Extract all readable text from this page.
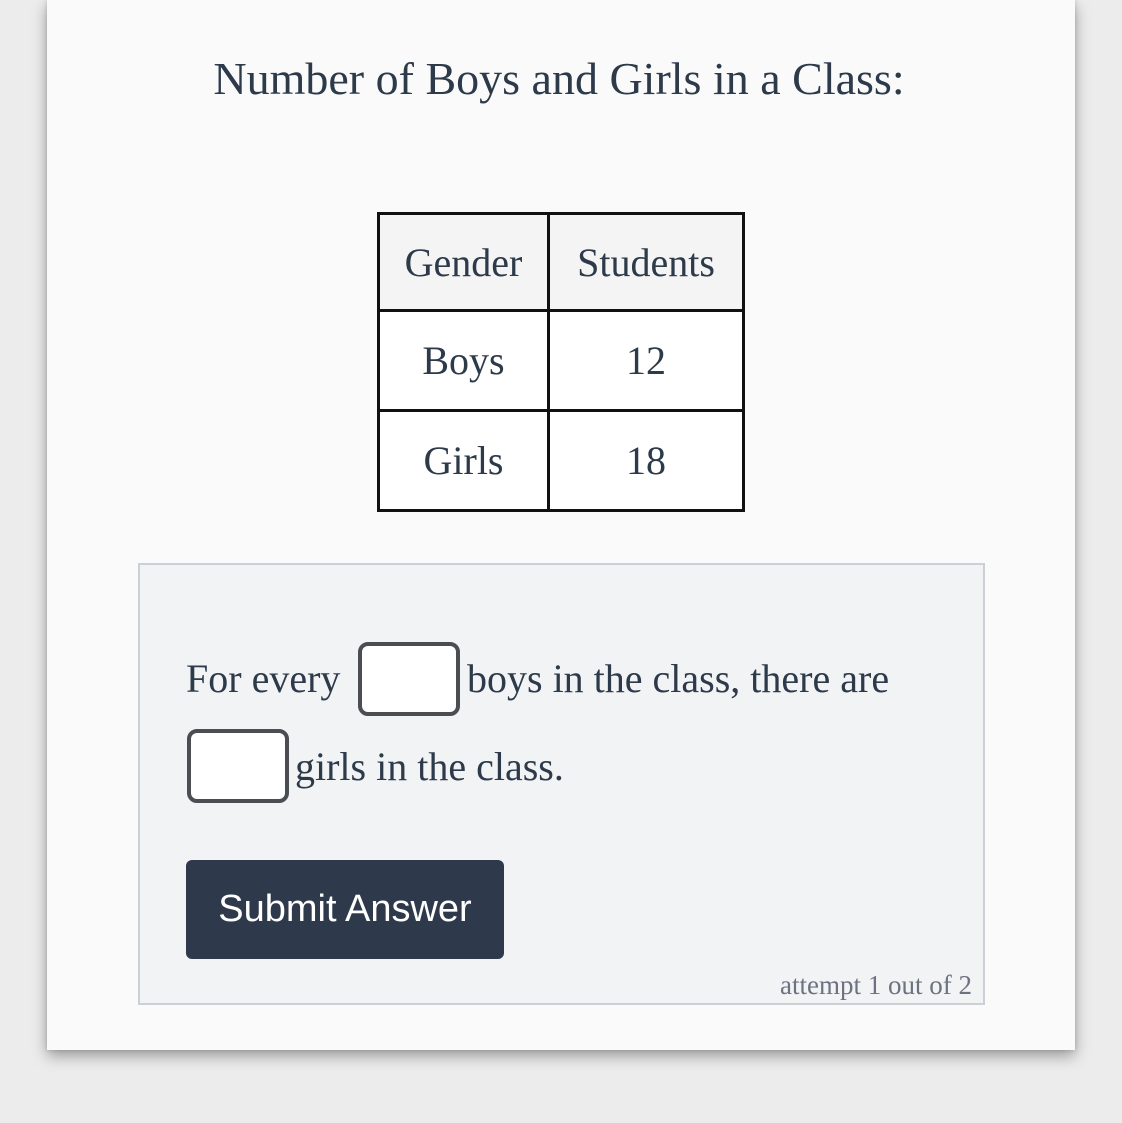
Number of Boys and Girls in a Class:
Gender	Students
Boys	12
Girls	18
For every	boys in the class, there are
girls in the class.
Submit Answer
attempt 1 out of 2
